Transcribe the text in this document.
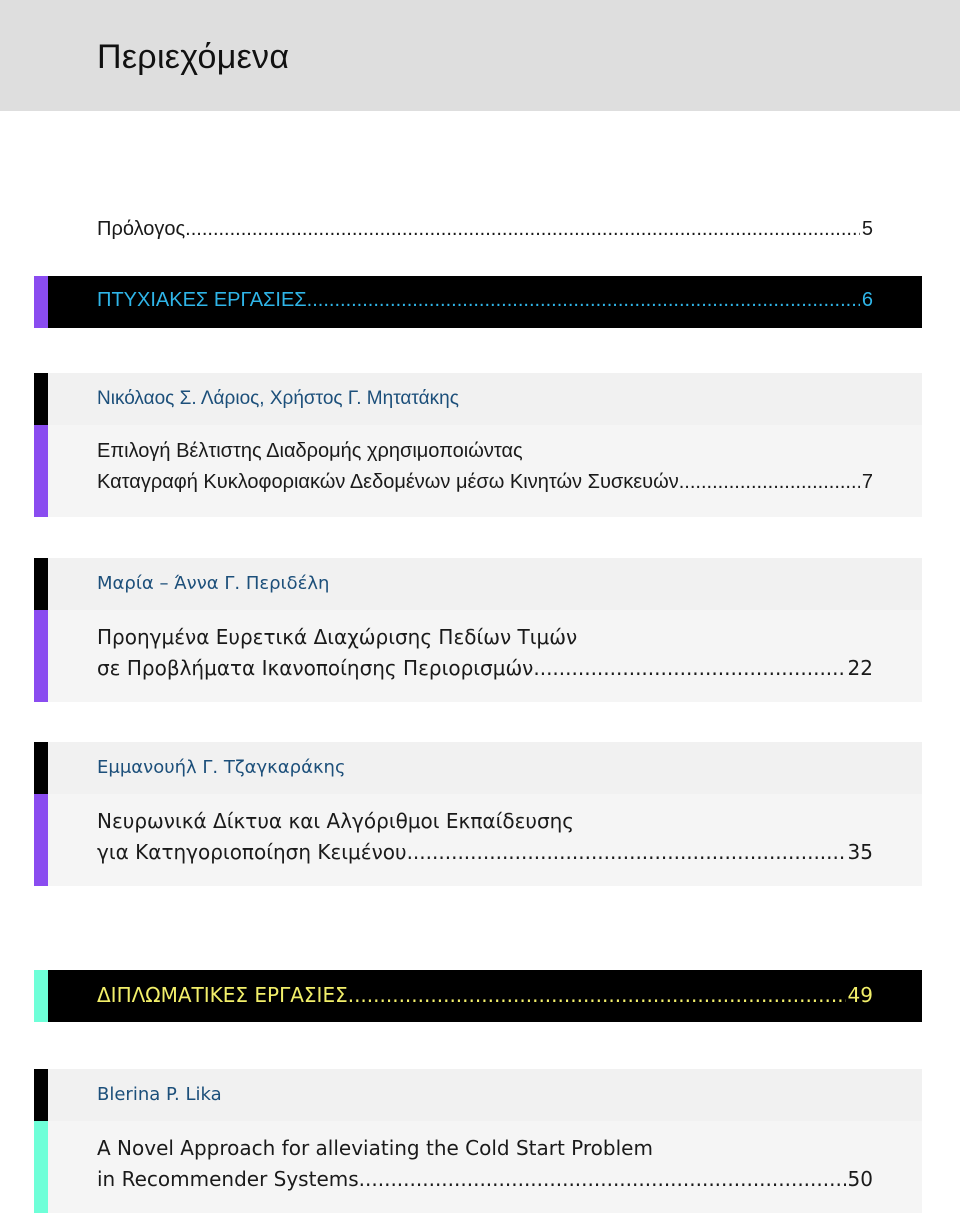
Περιεχόμενα
Πρόλογος .....	5
ΠΤΥΧΙΑΚΕΣ ΕΡΓΑΣΙΕΣ .....	6
Νικόλαος Σ. Λάριος, Χρήστος Γ. Μητατάκης
Επιλογή Βέλτιστης Διαδρομής χρησιμοποιώντας
Καταγραφή Κυκλοφοριακών Δεδομένων μέσω Κινητών Συσκευών .....	7
Μαρία – Άννα Γ. Περιδέλη
Προηγμένα Ευρετικά Διαχώρισης Πεδίων Τιμών
σε Προβλήματα Ικανοποίησης Περιορισμών .....	22
Εμμανουήλ Γ. Τζαγκαράκης
Νευρωνικά Δίκτυα και Αλγόριθμοι Εκπαίδευσης
για Κατηγοριοποίηση Κειμένου .....	35
ΔΙΠΛΩΜΑΤΙΚΕΣ ΕΡΓΑΣΙΕΣ .....	49
Blerina P. Lika
A Novel Approach for alleviating the Cold Start Problem
in Recommender Systems .....	50
